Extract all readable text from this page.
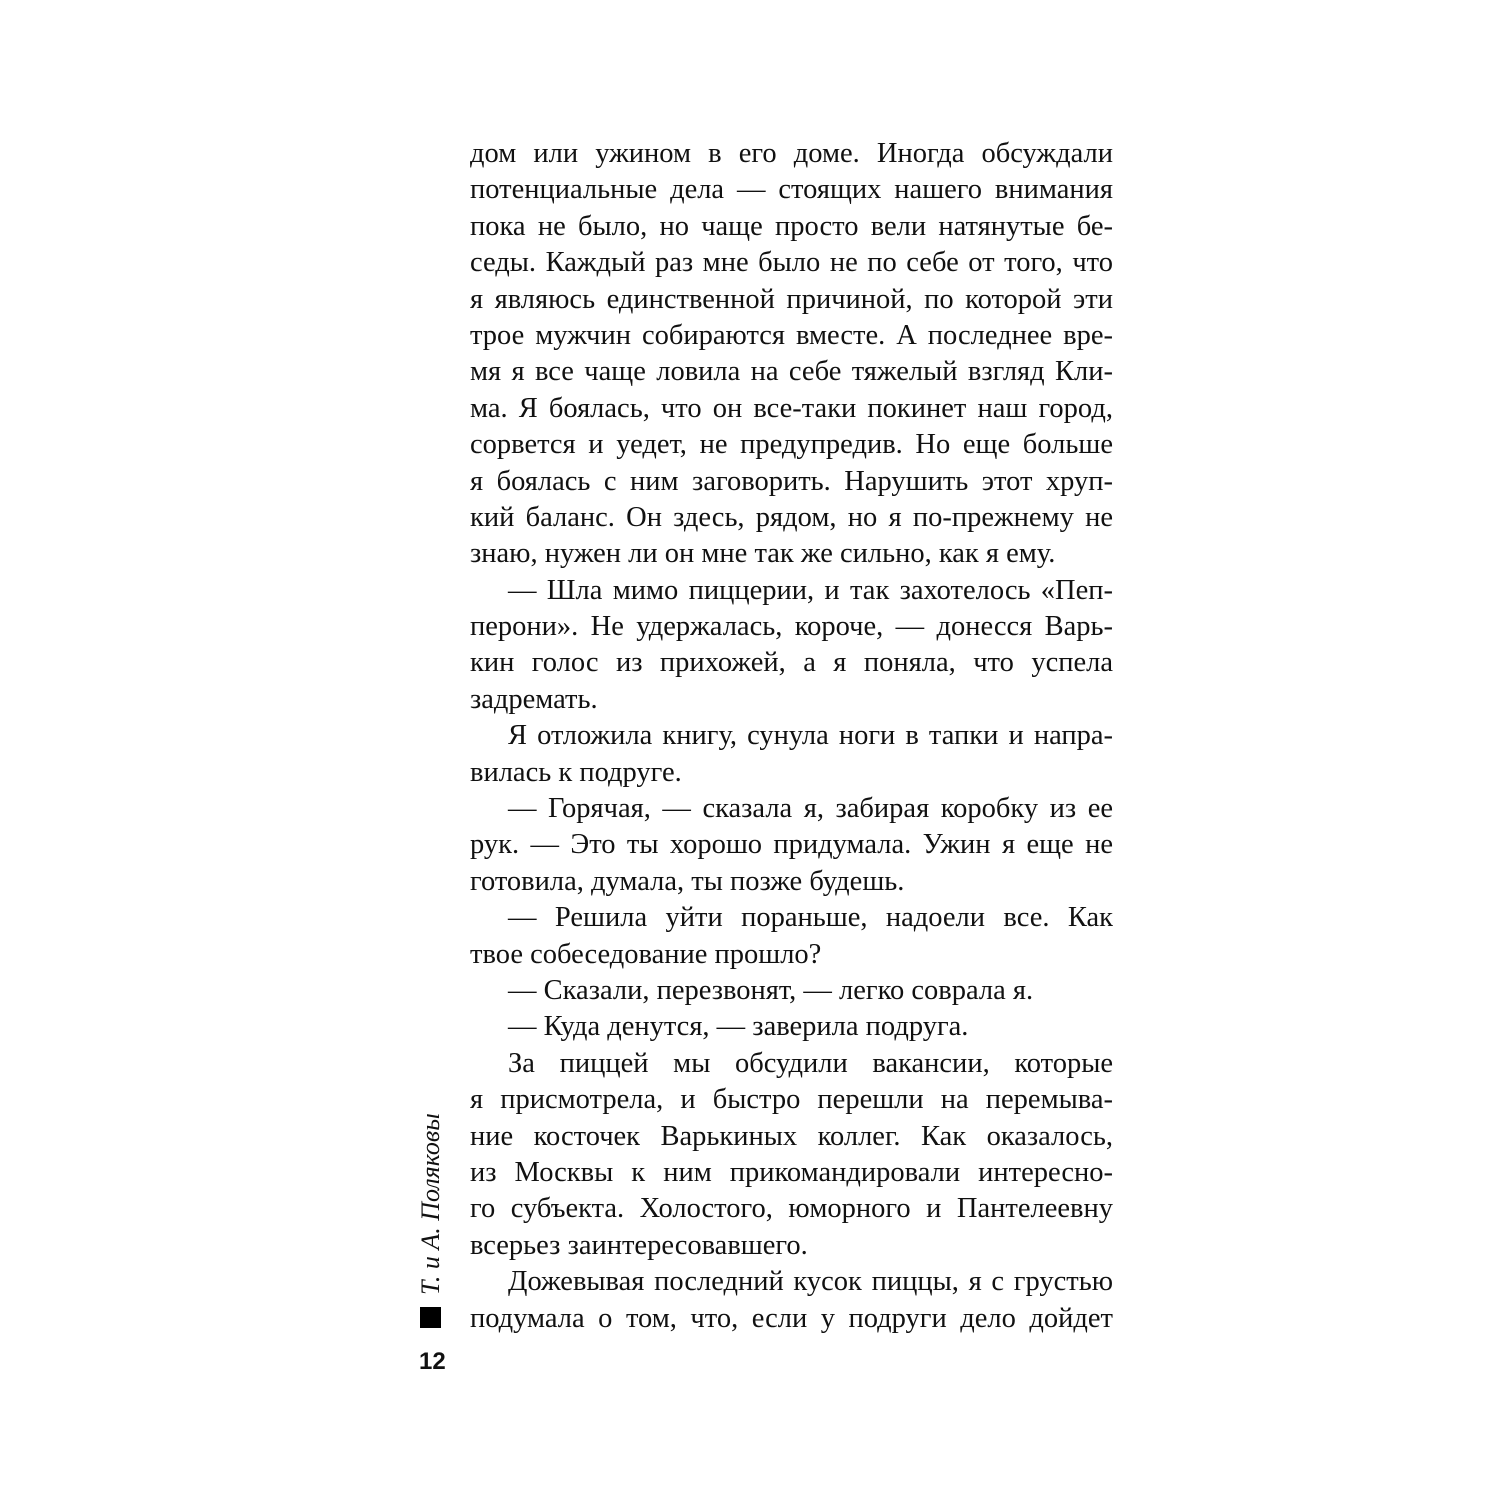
дом или ужином в его доме. Иногда обсуждали
потенциальные дела — стоящих нашего внимания
пока не было, но чаще просто вели натянутые бе-
седы. Каждый раз мне было не по себе от того, что
я являюсь единственной причиной, по которой эти
трое мужчин собираются вместе. А последнее вре-
мя я все чаще ловила на себе тяжелый взгляд Кли-
ма. Я боялась, что он все-таки покинет наш город,
сорвется и уедет, не предупредив. Но еще больше
я боялась с ним заговорить. Нарушить этот хруп-
кий баланс. Он здесь, рядом, но я по-прежнему не
знаю, нужен ли он мне так же сильно, как я ему.
— Шла мимо пиццерии, и так захотелось «Пеп-
перони». Не удержалась, короче, — донесся Варь-
кин голос из прихожей, а я поняла, что успела
задремать.
Я отложила книгу, сунула ноги в тапки и напра-
вилась к подруге.
— Горячая, — сказала я, забирая коробку из ее
рук. — Это ты хорошо придумала. Ужин я еще не
готовила, думала, ты позже будешь.
— Решила уйти пораньше, надоели все. Как
твое собеседование прошло?
— Сказали, перезвонят, — легко соврала я.
— Куда денутся, — заверила подруга.
За пиццей мы обсудили вакансии, которые
я присмотрела, и быстро перешли на перемыва-
ние косточек Варькиных коллег. Как оказалось,
из Москвы к ним прикомандировали интересно-
го субъекта. Холостого, юморного и Пантелеевну
всерьез заинтересовавшего.
Дожевывая последний кусок пиццы, я с грустью
подумала о том, что, если у подруги дело дойдет
Т. и А. Поляковы
12
